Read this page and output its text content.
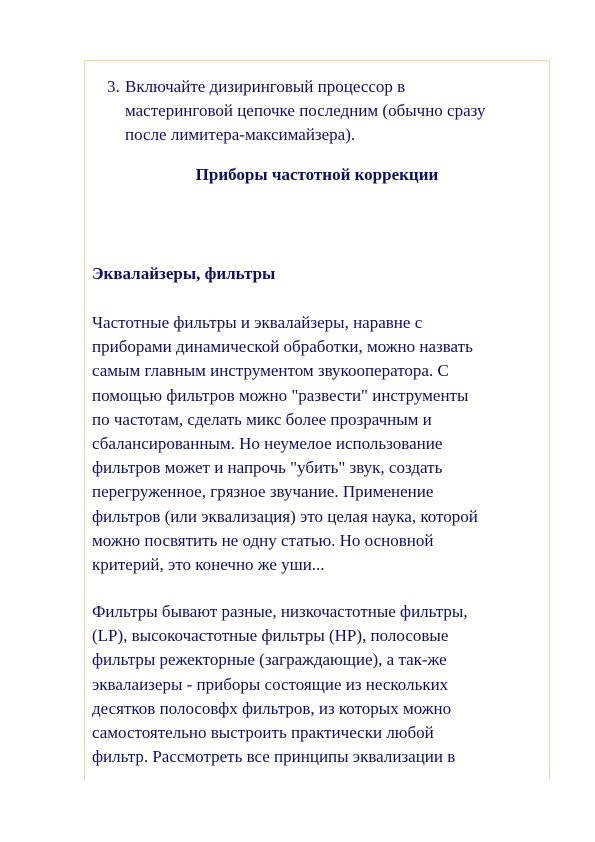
3. Включайте дизиринговый процессор в
мастеринговой цепочке последним (обычно сразу
после лимитера-максимайзера).
Приборы частотной коррекции
Эквалайзеры, фильтры
Частотные фильтры и эквалайзеры, наравне с
приборами динамической обработки, можно назвать
самым главным инструментом звукооператора. С
помощью фильтров можно "развести" инструменты
по частотам, сделать микс более прозрачным и
сбалансированным. Но неумелое использование
фильтров может и напрочь "убить" звук, создать
перегруженное, грязное звучание. Применение
фильтров (или эквализация) это целая наука, которой
можно посвятить не одну статью. Но основной
критерий, это конечно же уши...
Фильтры бывают разные, низкочастотные фильтры,
(LP), высокочастотные фильтры (HP), полосовые
фильтры режекторные (заграждающие), а так-же
эквалаизеры - приборы состоящие из нескольких
десятков полосовфх фильтров, из которых можно
самостоятельно выстроить практически любой
фильтр. Рассмотреть все принципы эквализации в
